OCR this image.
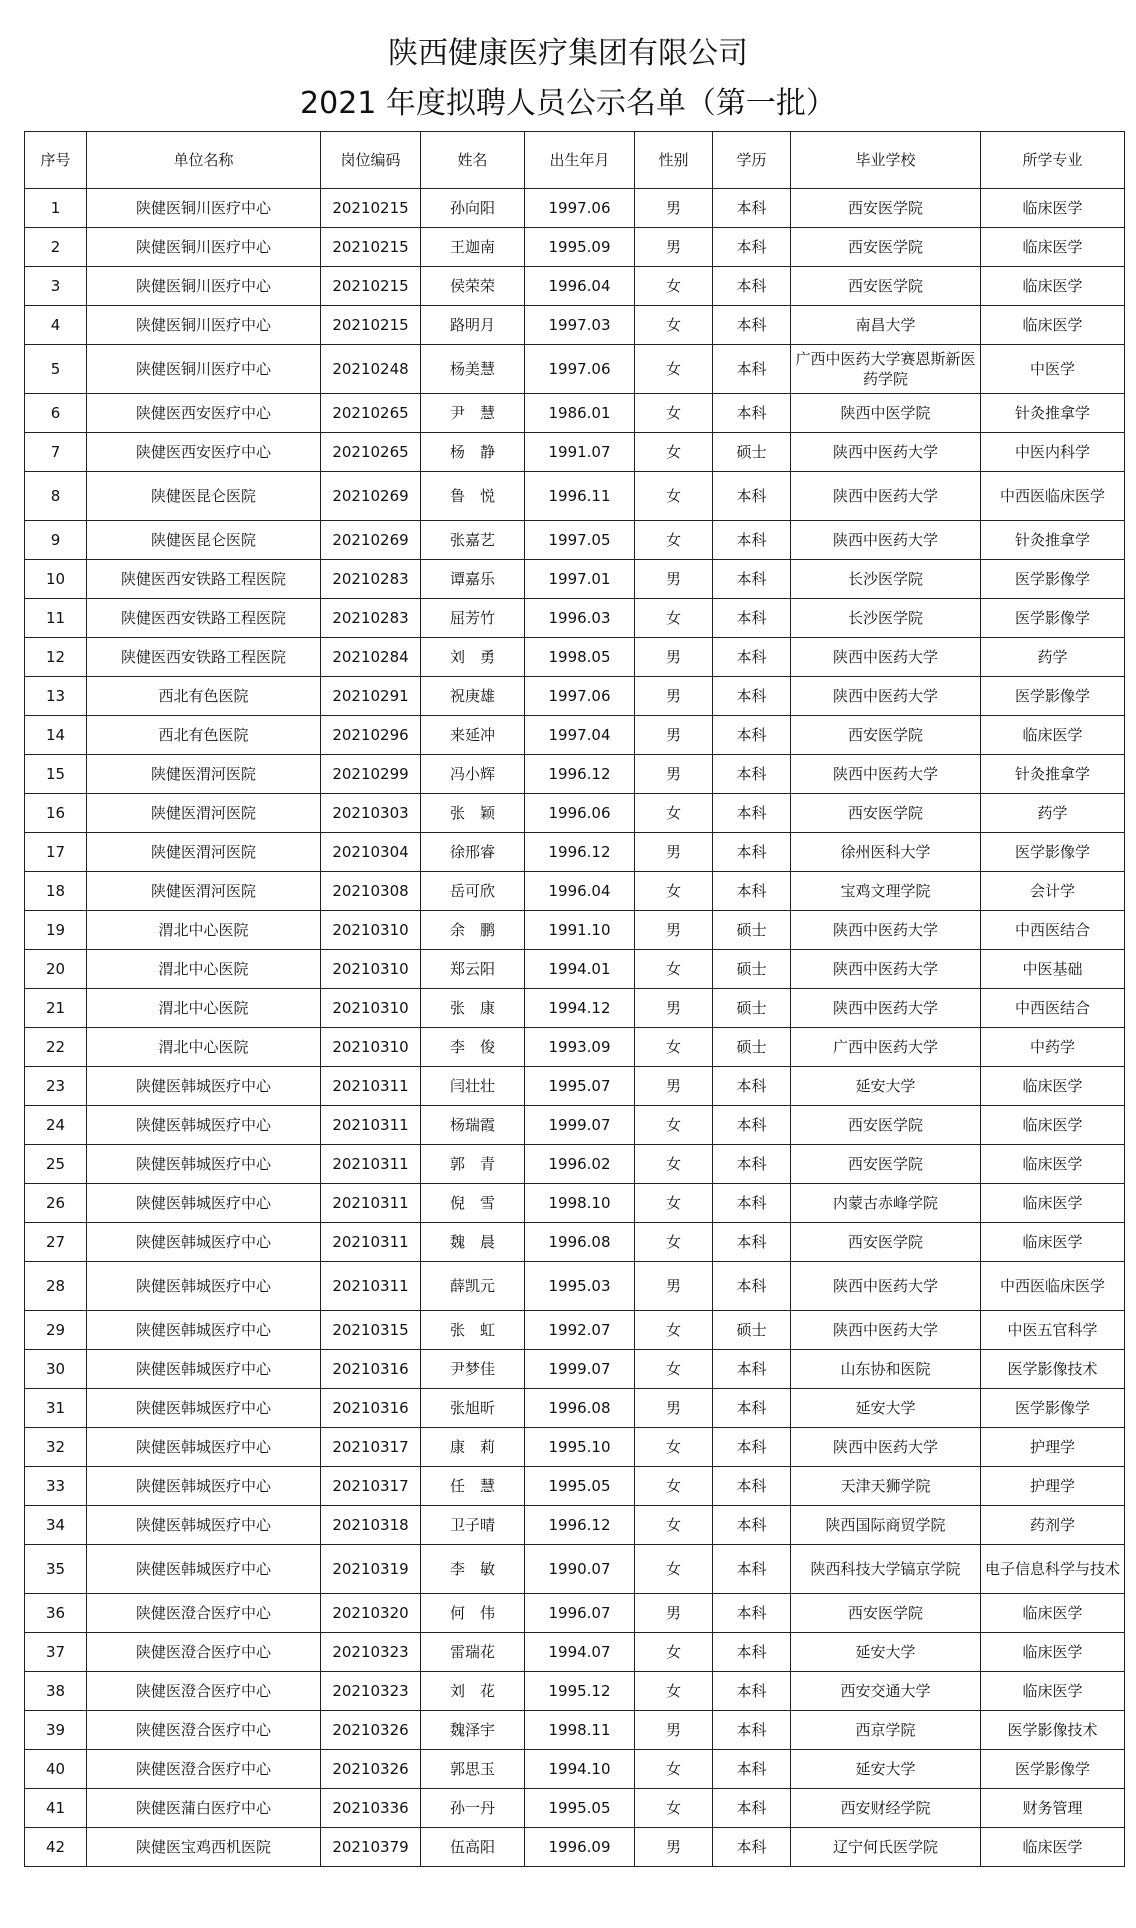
陕西健康医疗集团有限公司
2021 年度拟聘人员公示名单（第一批）
序号	单位名称	岗位编码	姓名	出生年月	性别	学历	毕业学校	所学专业
1	陕健医铜川医疗中心	20210215	孙向阳	1997.06	男	本科	西安医学院	临床医学
2	陕健医铜川医疗中心	20210215	王迦南	1995.09	男	本科	西安医学院	临床医学
3	陕健医铜川医疗中心	20210215	侯荣荣	1996.04	女	本科	西安医学院	临床医学
4	陕健医铜川医疗中心	20210215	路明月	1997.03	女	本科	南昌大学	临床医学
5	陕健医铜川医疗中心	20210248	杨美慧	1997.06	女	本科	广西中医药大学赛恩斯新医药学院	中医学
6	陕健医西安医疗中心	20210265	尹　慧	1986.01	女	本科	陕西中医学院	针灸推拿学
7	陕健医西安医疗中心	20210265	杨　静	1991.07	女	硕士	陕西中医药大学	中医内科学
8	陕健医昆仑医院	20210269	鲁　悦	1996.11	女	本科	陕西中医药大学	中西医临床医学
9	陕健医昆仑医院	20210269	张嘉艺	1997.05	女	本科	陕西中医药大学	针灸推拿学
10	陕健医西安铁路工程医院	20210283	谭嘉乐	1997.01	男	本科	长沙医学院	医学影像学
11	陕健医西安铁路工程医院	20210283	屈芳竹	1996.03	女	本科	长沙医学院	医学影像学
12	陕健医西安铁路工程医院	20210284	刘　勇	1998.05	男	本科	陕西中医药大学	药学
13	西北有色医院	20210291	祝庚雄	1997.06	男	本科	陕西中医药大学	医学影像学
14	西北有色医院	20210296	来延冲	1997.04	男	本科	西安医学院	临床医学
15	陕健医渭河医院	20210299	冯小辉	1996.12	男	本科	陕西中医药大学	针灸推拿学
16	陕健医渭河医院	20210303	张　颖	1996.06	女	本科	西安医学院	药学
17	陕健医渭河医院	20210304	徐邢睿	1996.12	男	本科	徐州医科大学	医学影像学
18	陕健医渭河医院	20210308	岳可欣	1996.04	女	本科	宝鸡文理学院	会计学
19	渭北中心医院	20210310	余　鹏	1991.10	男	硕士	陕西中医药大学	中西医结合
20	渭北中心医院	20210310	郑云阳	1994.01	女	硕士	陕西中医药大学	中医基础
21	渭北中心医院	20210310	张　康	1994.12	男	硕士	陕西中医药大学	中西医结合
22	渭北中心医院	20210310	李　俊	1993.09	女	硕士	广西中医药大学	中药学
23	陕健医韩城医疗中心	20210311	闫壮壮	1995.07	男	本科	延安大学	临床医学
24	陕健医韩城医疗中心	20210311	杨瑞霞	1999.07	女	本科	西安医学院	临床医学
25	陕健医韩城医疗中心	20210311	郭　青	1996.02	女	本科	西安医学院	临床医学
26	陕健医韩城医疗中心	20210311	倪　雪	1998.10	女	本科	内蒙古赤峰学院	临床医学
27	陕健医韩城医疗中心	20210311	魏　晨	1996.08	女	本科	西安医学院	临床医学
28	陕健医韩城医疗中心	20210311	薛凯元	1995.03	男	本科	陕西中医药大学	中西医临床医学
29	陕健医韩城医疗中心	20210315	张　虹	1992.07	女	硕士	陕西中医药大学	中医五官科学
30	陕健医韩城医疗中心	20210316	尹梦佳	1999.07	女	本科	山东协和医院	医学影像技术
31	陕健医韩城医疗中心	20210316	张旭昕	1996.08	男	本科	延安大学	医学影像学
32	陕健医韩城医疗中心	20210317	康　莉	1995.10	女	本科	陕西中医药大学	护理学
33	陕健医韩城医疗中心	20210317	任　慧	1995.05	女	本科	天津天狮学院	护理学
34	陕健医韩城医疗中心	20210318	卫子晴	1996.12	女	本科	陕西国际商贸学院	药剂学
35	陕健医韩城医疗中心	20210319	李　敏	1990.07	女	本科	陕西科技大学镐京学院	电子信息科学与技术
36	陕健医澄合医疗中心	20210320	何　伟	1996.07	男	本科	西安医学院	临床医学
37	陕健医澄合医疗中心	20210323	雷瑞花	1994.07	女	本科	延安大学	临床医学
38	陕健医澄合医疗中心	20210323	刘　花	1995.12	女	本科	西安交通大学	临床医学
39	陕健医澄合医疗中心	20210326	魏泽宇	1998.11	男	本科	西京学院	医学影像技术
40	陕健医澄合医疗中心	20210326	郭思玉	1994.10	女	本科	延安大学	医学影像学
41	陕健医蒲白医疗中心	20210336	孙一丹	1995.05	女	本科	西安财经学院	财务管理
42	陕健医宝鸡西机医院	20210379	伍高阳	1996.09	男	本科	辽宁何氏医学院	临床医学
